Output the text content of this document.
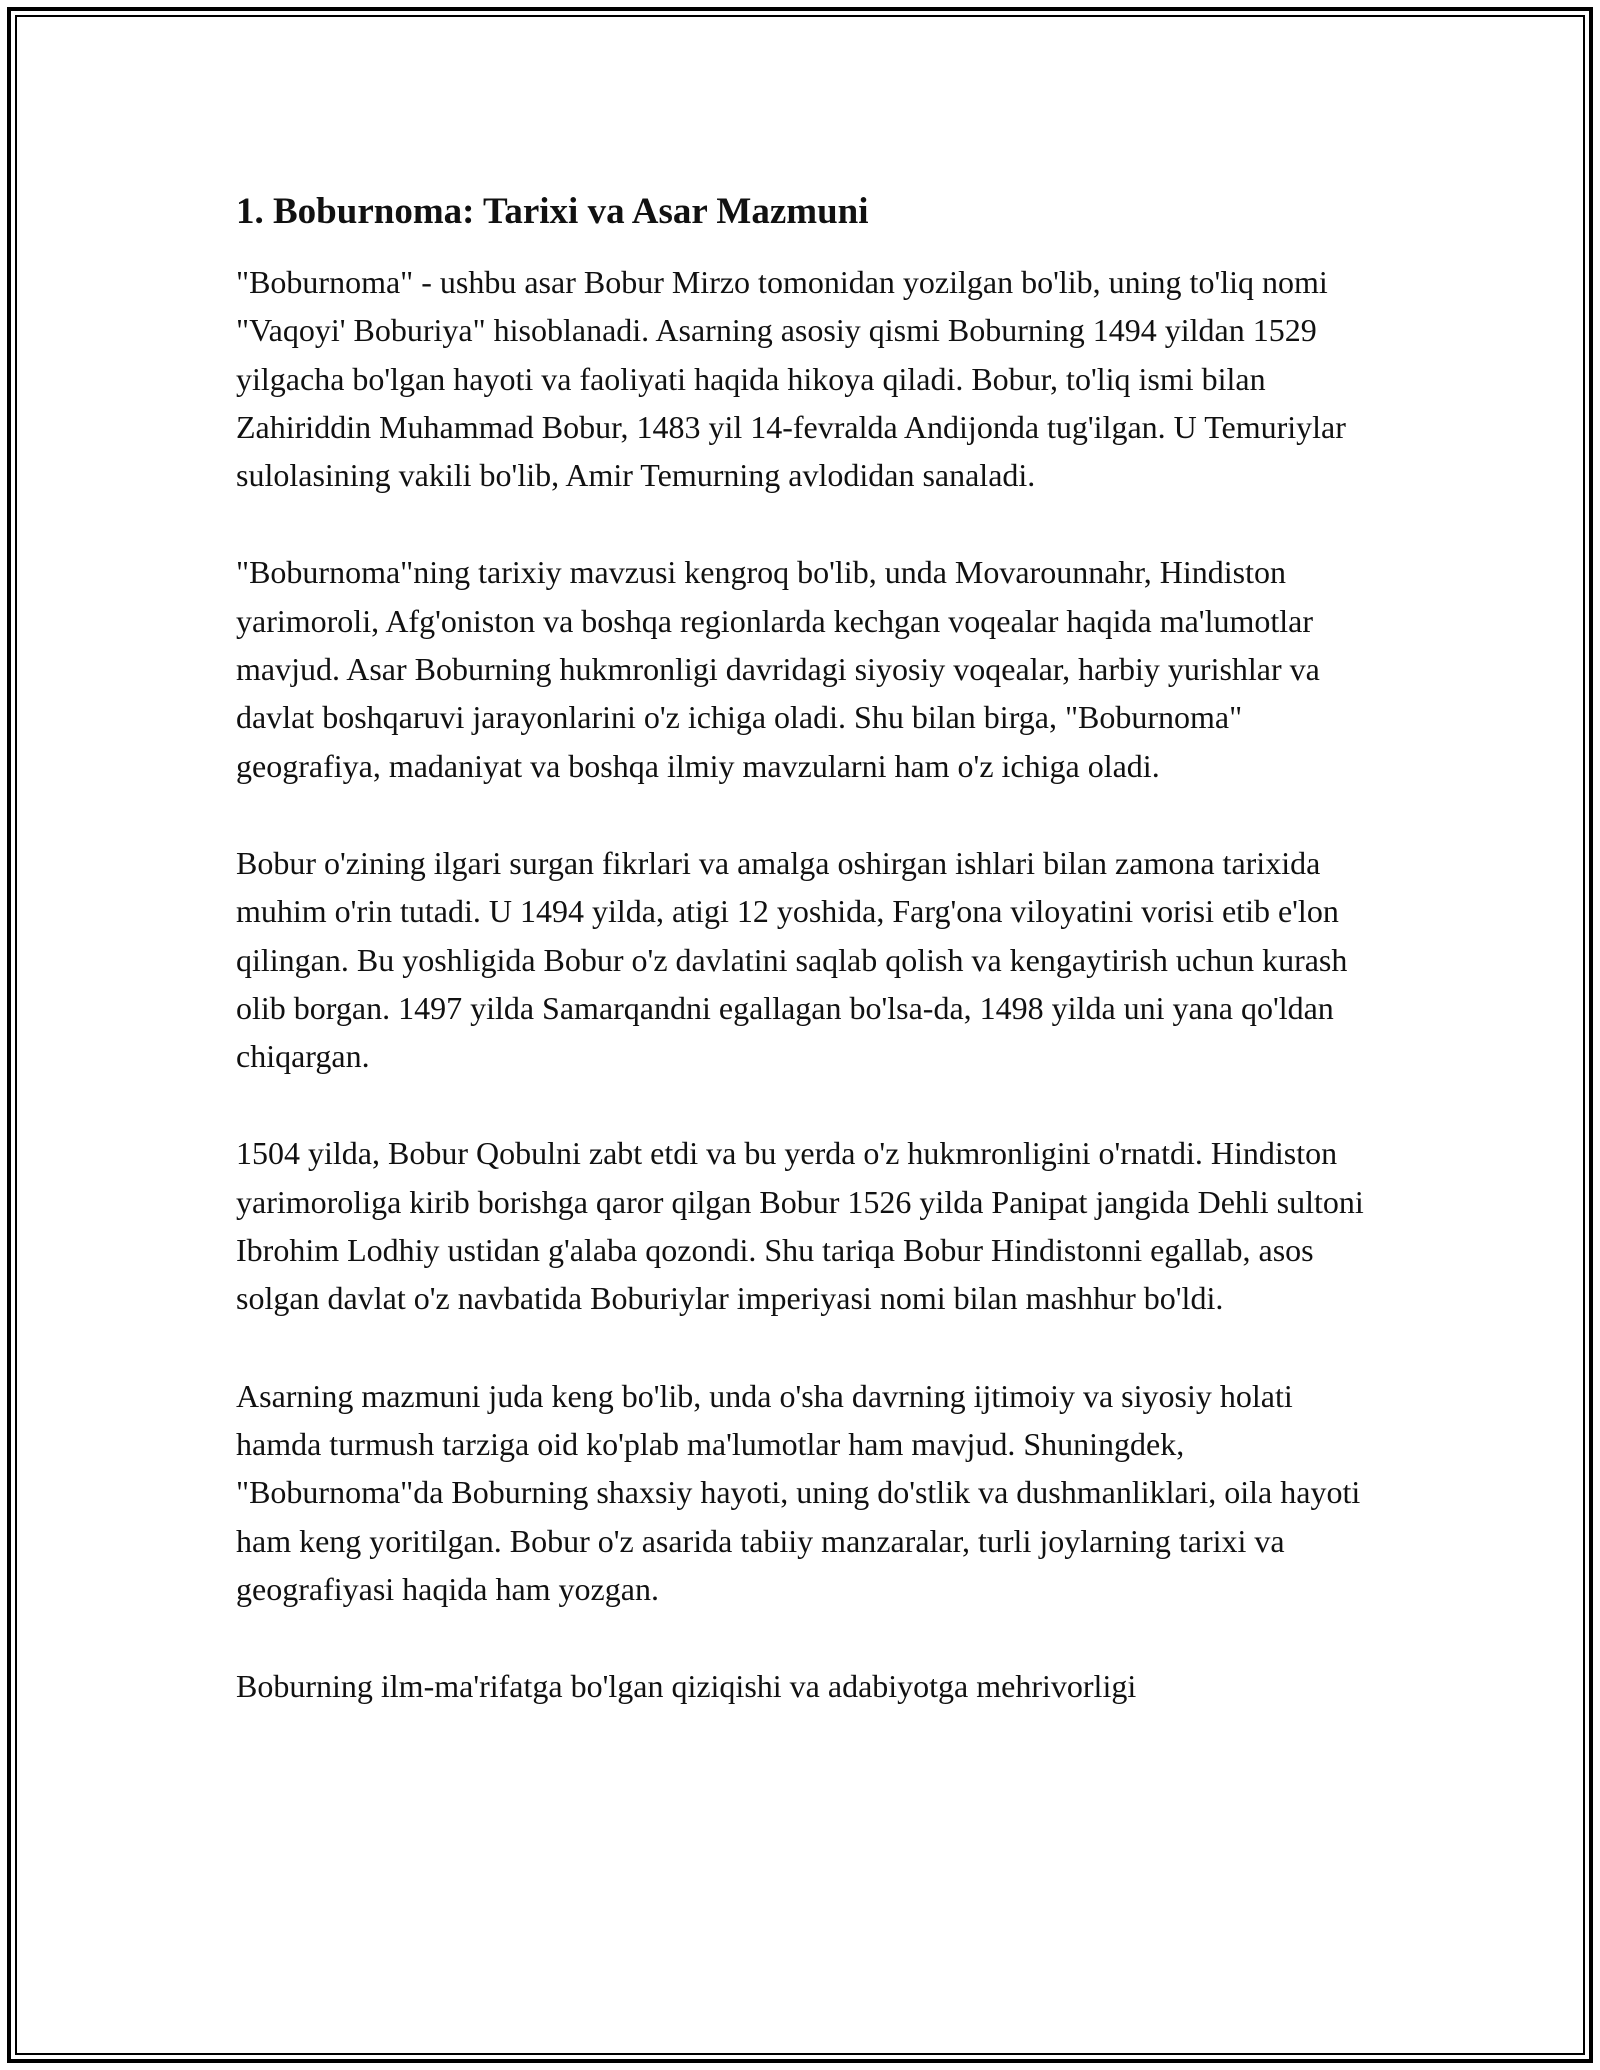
1. Boburnoma: Tarixi va Asar Mazmuni

"Boburnoma" - ushbu asar Bobur Mirzo tomonidan yozilgan bo'lib, uning to'liq nomi "Vaqoyi' Boburiya" hisoblanadi. Asarning asosiy qismi Boburning 1494 yildan 1529 yilgacha bo'lgan hayoti va faoliyati haqida hikoya qiladi. Bobur, to'liq ismi bilan Zahiriddin Muhammad Bobur, 1483 yil 14-fevralda Andijonda tug'ilgan. U Temuriylar sulolasining vakili bo'lib, Amir Temurning avlodidan sanaladi.

"Boburnoma"ning tarixiy mavzusi kengroq bo'lib, unda Movarounnahr, Hindiston yarimoroli, Afg'oniston va boshqa regionlarda kechgan voqealar haqida ma'lumotlar mavjud. Asar Boburning hukmronligi davridagi siyosiy voqealar, harbiy yurishlar va davlat boshqaruvi jarayonlarini o'z ichiga oladi. Shu bilan birga, "Boburnoma" geografiya, madaniyat va boshqa ilmiy mavzularni ham o'z ichiga oladi.

Bobur o'zining ilgari surgan fikrlari va amalga oshirgan ishlari bilan zamona tarixida muhim o'rin tutadi. U 1494 yilda, atigi 12 yoshida, Farg'ona viloyatini vorisi etib e'lon qilingan. Bu yoshligida Bobur o'z davlatini saqlab qolish va kengaytirish uchun kurash olib borgan. 1497 yilda Samarqandni egallagan bo'lsa-da, 1498 yilda uni yana qo'ldan chiqargan.

1504 yilda, Bobur Qobulni zabt etdi va bu yerda o'z hukmronligini o'rnatdi. Hindiston yarimoroliga kirib borishga qaror qilgan Bobur 1526 yilda Panipat jangida Dehli sultoni Ibrohim Lodhiy ustidan g'alaba qozondi. Shu tariqa Bobur Hindistonni egallab, asos solgan davlat o'z navbatida Boburiylar imperiyasi nomi bilan mashhur bo'ldi.

Asarning mazmuni juda keng bo'lib, unda o'sha davrning ijtimoiy va siyosiy holati hamda turmush tarziga oid ko'plab ma'lumotlar ham mavjud. Shuningdek, "Boburnoma"da Boburning shaxsiy hayoti, uning do'stlik va dushmanliklari, oila hayoti ham keng yoritilgan. Bobur o'z asarida tabiiy manzaralar, turli joylarning tarixi va geografiyasi haqida ham yozgan.

Boburning ilm-ma'rifatga bo'lgan qiziqishi va adabiyotga mehrivorligi
